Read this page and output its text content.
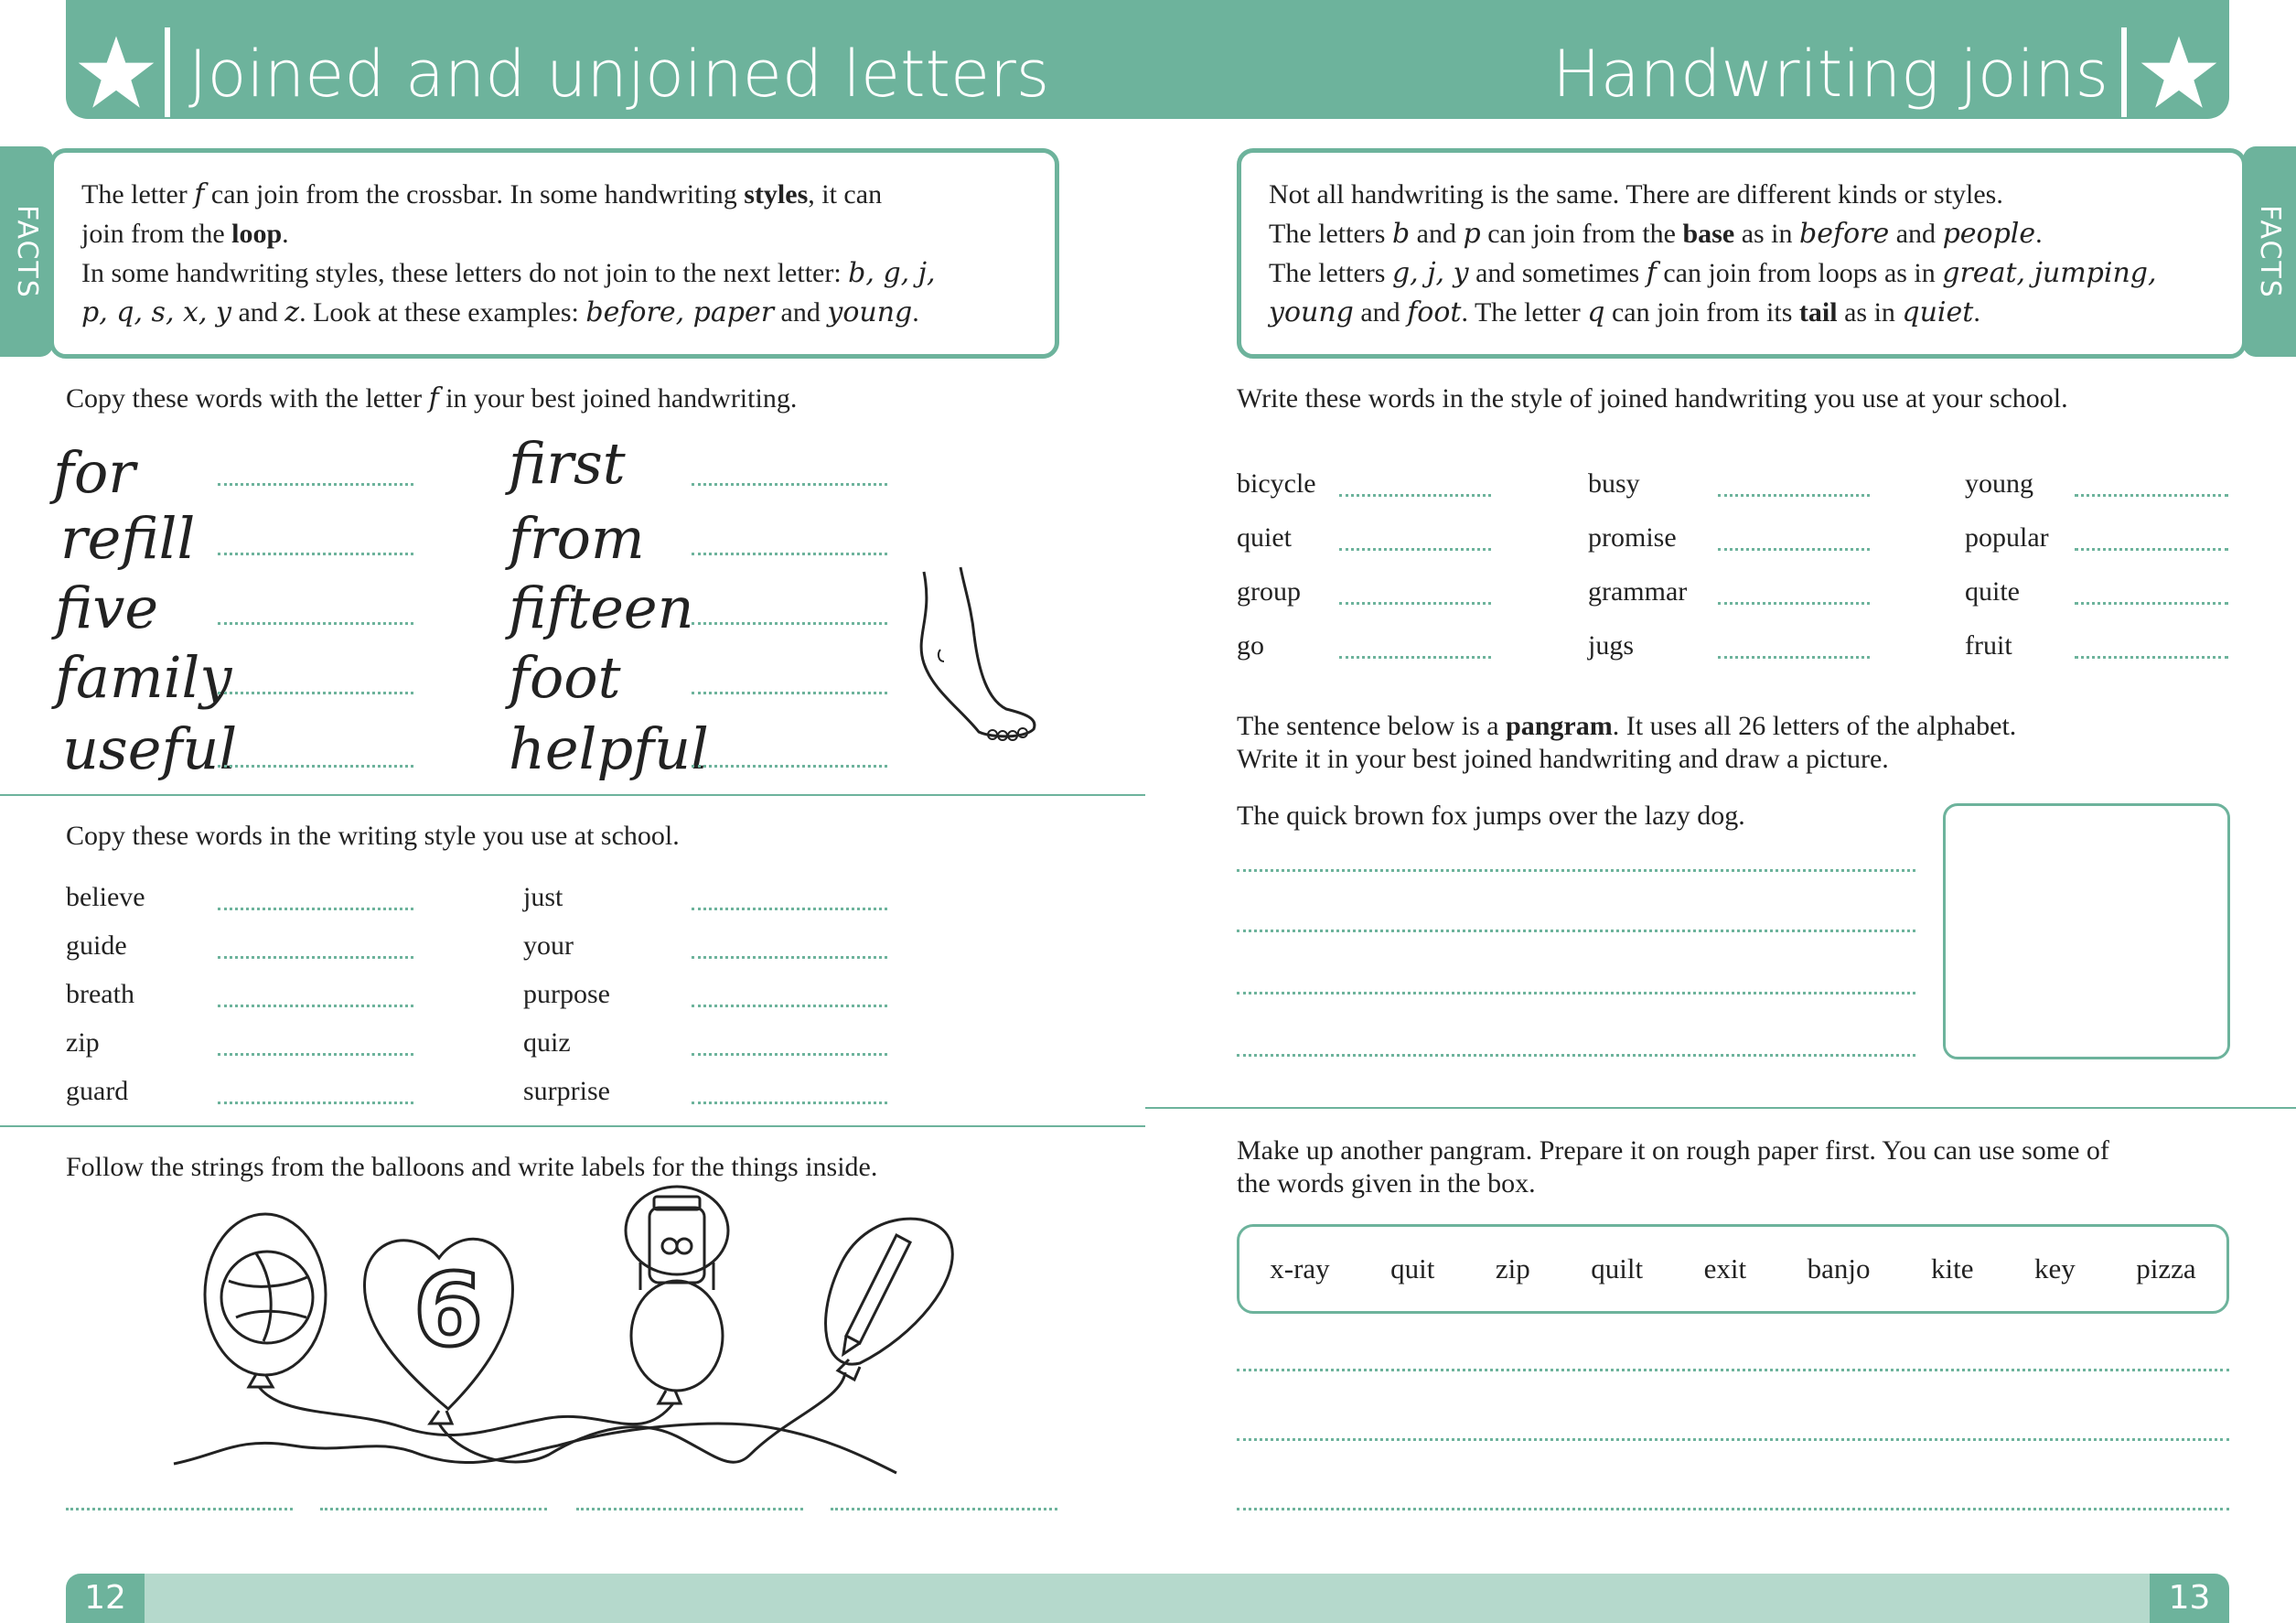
Joined and unjoined letters	Handwriting joins
FACTS
The letter f can join from the crossbar. In some handwriting styles, it can
join from the loop.
In some handwriting styles, these letters do not join to the next letter: b, g, j,
p, q, s, x, y and z. Look at these examples: before, paper and young.
Copy these words with the letter f in your best joined handwriting.
for
refill
five
family
useful
first
from
fifteen
foot
helpful
Copy these words in the writing style you use at school.
believe
guide
breath
zip
guard
just
your
purpose
quiz
surprise
Follow the strings from the balloons and write labels for the things inside.
6
FACTS
Not all handwriting is the same. There are different kinds or styles.
The letters b and p can join from the base as in before and people.
The letters g, j, y and sometimes f can join from loops as in great, jumping,
young and foot. The letter q can join from its tail as in quiet.
Write these words in the style of joined handwriting you use at your school.
bicycle
quiet
group
go
busy
promise
grammar
jugs
young
popular
quite
fruit
The sentence below is a pangram. It uses all 26 letters of the alphabet.
Write it in your best joined handwriting and draw a picture.
The quick brown fox jumps over the lazy dog.
Make up another pangram. Prepare it on rough paper first. You can use some of
the words given in the box.
x-ray quit zip quilt exit banjo kite key pizza
12	13
